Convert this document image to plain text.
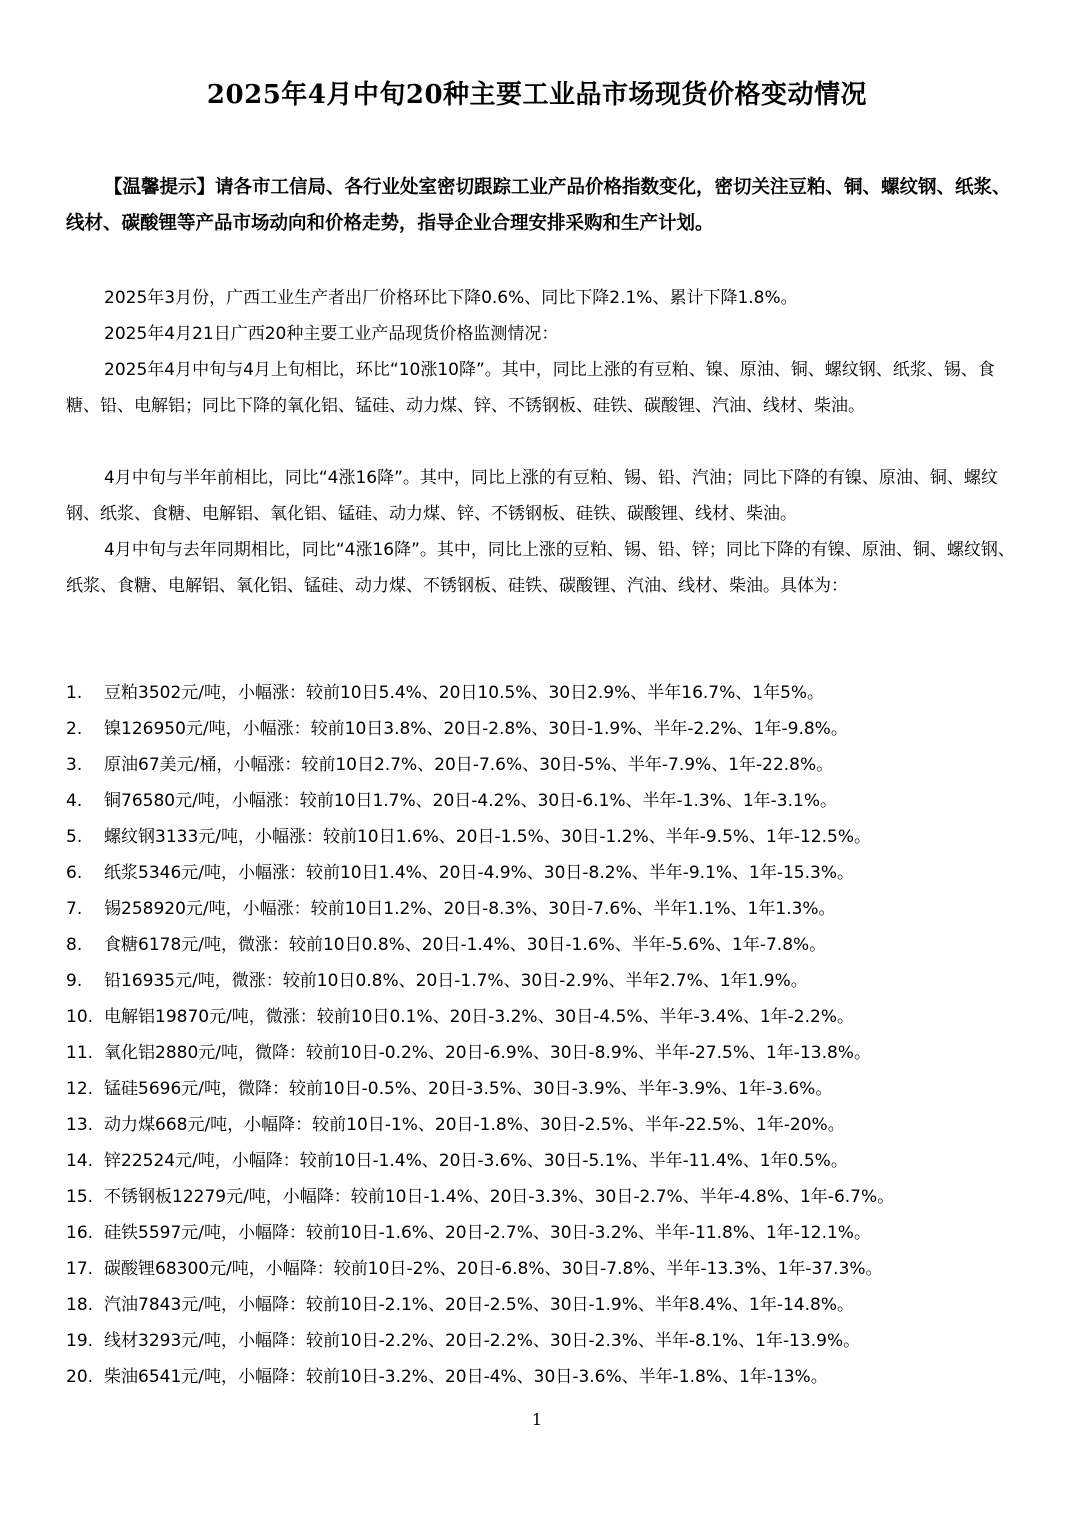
2025年4月中旬20种主要工业品市场现货价格变动情况
【温馨提示】请各市工信局、各行业处室密切跟踪工业产品价格指数变化，密切关注豆粕、铜、螺纹钢、纸浆、线材、碳酸锂等产品市场动向和价格走势，指导企业合理安排采购和生产计划。
2025年3月份，广西工业生产者出厂价格环比下降0.6%、同比下降2.1%、累计下降1.8%。
2025年4月21日广西20种主要工业产品现货价格监测情况：
2025年4月中旬与4月上旬相比，环比“10涨10降”。其中，同比上涨的有豆粕、镍、原油、铜、螺纹钢、纸浆、锡、食糖、铅、电解铝；同比下降的氧化铝、锰硅、动力煤、锌、不锈钢板、硅铁、碳酸锂、汽油、线材、柴油。
4月中旬与半年前相比，同比“4涨16降”。其中，同比上涨的有豆粕、锡、铅、汽油；同比下降的有镍、原油、铜、螺纹钢、纸浆、食糖、电解铝、氧化铝、锰硅、动力煤、锌、不锈钢板、硅铁、碳酸锂、线材、柴油。
4月中旬与去年同期相比，同比“4涨16降”。其中，同比上涨的豆粕、锡、铅、锌；同比下降的有镍、原油、铜、螺纹钢、纸浆、食糖、电解铝、氧化铝、锰硅、动力煤、不锈钢板、硅铁、碳酸锂、汽油、线材、柴油。具体为：
1.	豆粕3502元/吨，小幅涨：较前10日5.4%、20日10.5%、30日2.9%、半年16.7%、1年5%。
2.	镍126950元/吨，小幅涨：较前10日3.8%、20日-2.8%、30日-1.9%、半年-2.2%、1年-9.8%。
3.	原油67美元/桶，小幅涨：较前10日2.7%、20日-7.6%、30日-5%、半年-7.9%、1年-22.8%。
4.	铜76580元/吨，小幅涨：较前10日1.7%、20日-4.2%、30日-6.1%、半年-1.3%、1年-3.1%。
5.	螺纹钢3133元/吨，小幅涨：较前10日1.6%、20日-1.5%、30日-1.2%、半年-9.5%、1年-12.5%。
6.	纸浆5346元/吨，小幅涨：较前10日1.4%、20日-4.9%、30日-8.2%、半年-9.1%、1年-15.3%。
7.	锡258920元/吨，小幅涨：较前10日1.2%、20日-8.3%、30日-7.6%、半年1.1%、1年1.3%。
8.	食糖6178元/吨，微涨：较前10日0.8%、20日-1.4%、30日-1.6%、半年-5.6%、1年-7.8%。
9.	铅16935元/吨，微涨：较前10日0.8%、20日-1.7%、30日-2.9%、半年2.7%、1年1.9%。
10. 电解铝19870元/吨，微涨：较前10日0.1%、20日-3.2%、30日-4.5%、半年-3.4%、1年-2.2%。
11. 氧化铝2880元/吨，微降：较前10日-0.2%、20日-6.9%、30日-8.9%、半年-27.5%、1年-13.8%。
12. 锰硅5696元/吨，微降：较前10日-0.5%、20日-3.5%、30日-3.9%、半年-3.9%、1年-3.6%。
13. 动力煤668元/吨，小幅降：较前10日-1%、20日-1.8%、30日-2.5%、半年-22.5%、1年-20%。
14. 锌22524元/吨，小幅降：较前10日-1.4%、20日-3.6%、30日-5.1%、半年-11.4%、1年0.5%。
15. 不锈钢板12279元/吨，小幅降：较前10日-1.4%、20日-3.3%、30日-2.7%、半年-4.8%、1年-6.7%。
16. 硅铁5597元/吨，小幅降：较前10日-1.6%、20日-2.7%、30日-3.2%、半年-11.8%、1年-12.1%。
17. 碳酸锂68300元/吨，小幅降：较前10日-2%、20日-6.8%、30日-7.8%、半年-13.3%、1年-37.3%。
18. 汽油7843元/吨，小幅降：较前10日-2.1%、20日-2.5%、30日-1.9%、半年8.4%、1年-14.8%。
19. 线材3293元/吨，小幅降：较前10日-2.2%、20日-2.2%、30日-2.3%、半年-8.1%、1年-13.9%。
20. 柴油6541元/吨，小幅降：较前10日-3.2%、20日-4%、30日-3.6%、半年-1.8%、1年-13%。
1
